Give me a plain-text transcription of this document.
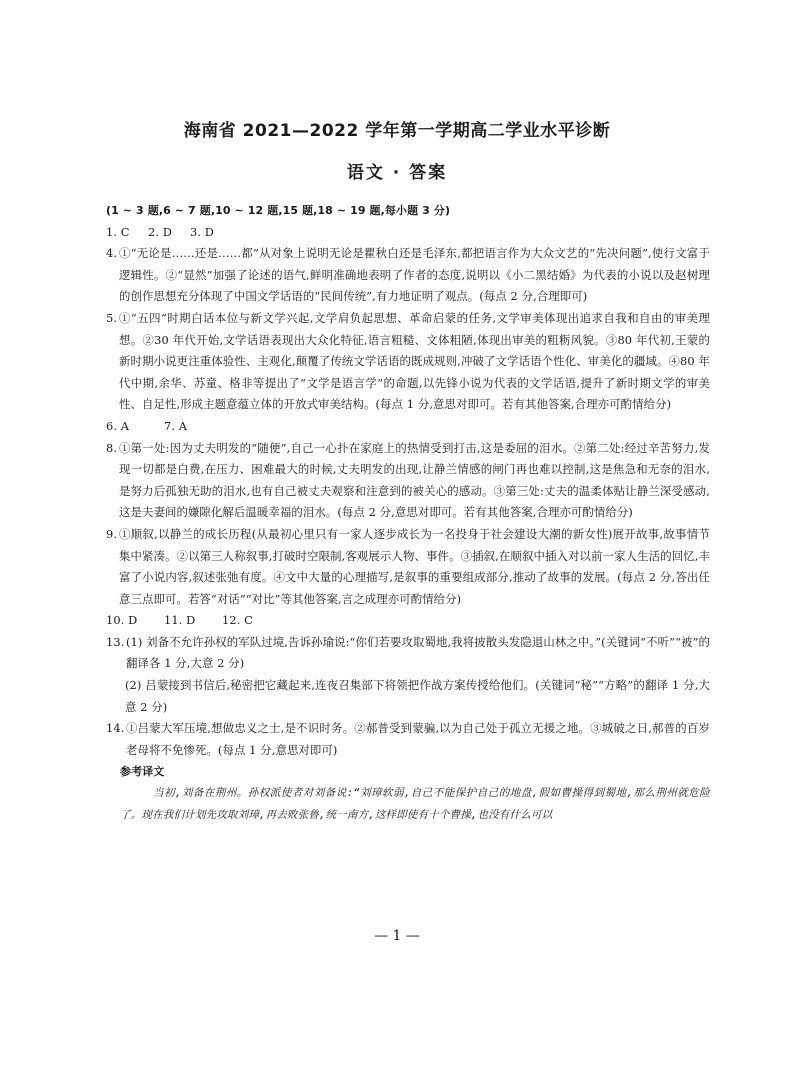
海南省 2021—2022 学年第一学期高二学业水平诊断
语文 · 答案

(1 ~ 3 题,6 ~ 7 题,10 ~ 12 题,15 题,18 ~ 19 题,每小题 3 分)

1. C	2. D	3. D
4. ①“无论是……还是……都”从对象上说明无论是瞿秋白还是毛泽东,都把语言作为大众文艺的“先决问题”,使行文富于逻辑性。②“显然”加强了论述的语气,鲜明准确地表明了作者的态度,说明以《小二黑结婚》为代表的小说以及赵树理的创作思想充分体现了中国文学话语的“民间传统”,有力地证明了观点。(每点 2 分,合理即可)
5. ①“五四”时期白话本位与新文学兴起,文学肩负起思想、革命启蒙的任务,文学审美体现出追求自我和自由的审美理想。②30 年代开始,文学话语表现出大众化特征,语言粗糙、文体粗陋,体现出审美的粗粝风貌。③80 年代初,王蒙的新时期小说更注重体验性、主观化,颠覆了传统文学话语的既成规则,冲破了文学话语个性化、审美化的疆域。④80 年代中期,余华、苏童、格非等提出了“文学是语言学”的命题,以先锋小说为代表的文学话语,提升了新时期文学的审美性、自足性,形成主题意蕴立体的开放式审美结构。(每点 1 分,意思对即可。若有其他答案,合理亦可酌情给分)
6. A	7. A
8. ①第一处:因为丈夫明发的“随便”,自己一心扑在家庭上的热情受到打击,这是委屈的泪水。②第二处:经过辛苦努力,发现一切都是白费,在压力、困难最大的时候,丈夫明发的出现,让静兰情感的闸门再也难以控制,这是焦急和无奈的泪水,是努力后孤独无助的泪水,也有自己被丈夫观察和注意到的被关心的感动。③第三处:丈夫的温柔体贴让静兰深受感动,这是夫妻间的嫌隙化解后温暖幸福的泪水。(每点 2 分,意思对即可。若有其他答案,合理亦可酌情给分)
9. ①顺叙,以静兰的成长历程(从最初心里只有一家人逐步成长为一名投身于社会建设大潮的新女性)展开故事,故事情节集中紧凑。②以第三人称叙事,打破时空限制,客观展示人物、事件。③插叙,在顺叙中插入对以前一家人生活的回忆,丰富了小说内容,叙述张弛有度。④文中大量的心理描写,是叙事的重要组成部分,推动了故事的发展。(每点 2 分,答出任意三点即可。若答“对话”“对比”等其他答案,言之成理亦可酌情给分)
10. D	11. D	12. C
13. (1) 刘备不允许孙权的军队过境,告诉孙瑜说:“你们若要攻取蜀地,我将披散头发隐退山林之中。”(关键词“不听”“被”的翻译各 1 分,大意 2 分)
(2) 吕蒙接到书信后,秘密把它藏起来,连夜召集部下将领把作战方案传授给他们。(关键词“秘”“方略”的翻译 1 分,大意 2 分)
14. ①吕蒙大军压境,想做忠义之士,是不识时务。②郝普受到蒙骗,以为自己处于孤立无援之地。③城破之日,郝普的百岁老母将不免惨死。(每点 1 分,意思对即可)

参考译文

当初,刘备在荆州。孙权派使者对刘备说:“刘璋软弱,自己不能保护自己的地盘,假如曹操得到蜀地,那么荆州就危险了。现在我们计划先攻取刘璋,再去败张鲁,统一南方,这样即使有十个曹操,也没有什么可以

— 1 —
